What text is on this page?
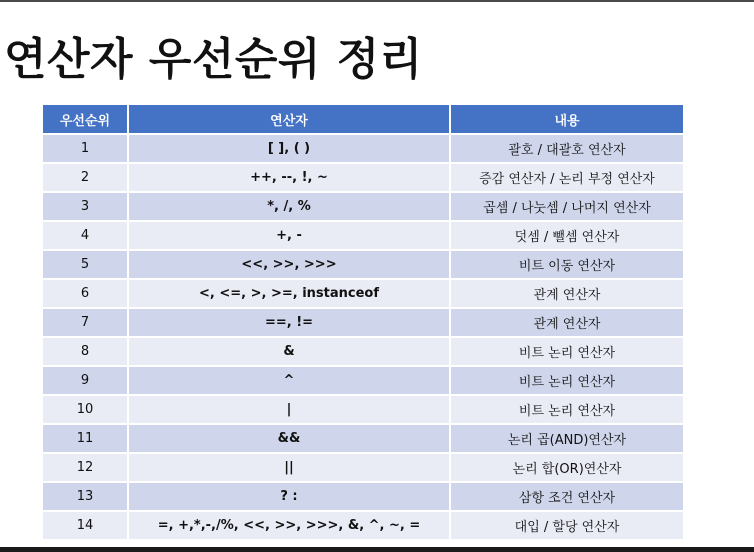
연산자 우선순위 정리
우선순위	연산자	내용
1	[ ], ( )	괄호 / 대괄호 연산자
2	++, --, !, ~	증감 연산자 / 논리 부정 연산자
3	*, /, %	곱셈 / 나눗셈 / 나머지 연산자
4	+, -	덧셈 / 뺄셈 연산자
5	<<, >>, >>>	비트 이동 연산자
6	<, <=, >, >=, instanceof	관계 연산자
7	==, !=	관계 연산자
8	&	비트 논리 연산자
9	^	비트 논리 연산자
10	|	비트 논리 연산자
11	&&	논리 곱(AND)연산자
12	||	논리 합(OR)연산자
13	? :	삼항 조건 연산자
14	=, +,*,-,/%, <<, >>, >>>, &, ^, ~, =	대입 / 할당 연산자
